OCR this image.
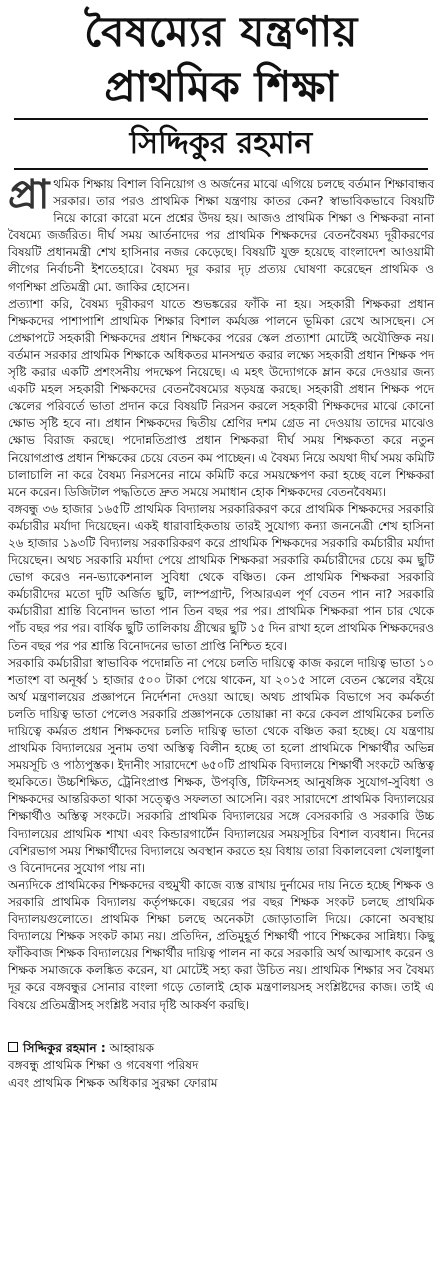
বৈষম্যের যন্ত্রণায়
প্রাথমিক শিক্ষা
সিদ্দিকুর রহমান

প্রা থমিক শিক্ষায় বিশাল বিনিয়োগ ও অর্জনের মাঝে এগিয়ে চলছে বর্তমান শিক্ষাবান্ধব সরকার। তার পরও প্রাথমিক শিক্ষা যন্ত্রণায় কাতর কেন? স্বাভাবিকভাবে বিষয়টি নিয়ে কারো কারো মনে প্রশ্নের উদয় হয়। আজও প্রাথমিক শিক্ষা ও শিক্ষকরা নানা বৈষম্যে জর্জরিত। দীর্ঘ সময় আর্তনাদের পর প্রাথমিক শিক্ষকদের বেতনবৈষম্য দূরীকরণের বিষয়টি প্রধানমন্ত্রী শেখ হাসিনার নজর কেড়েছে। বিষয়টি যুক্ত হয়েছে বাংলাদেশ আওয়ামী লীগের নির্বাচনী ইশতেহারে। বৈষম্য দূর করার দৃঢ় প্রত্যয় ঘোষণা করেছেন প্রাথমিক ও গণশিক্ষা প্রতিমন্ত্রী মো. জাকির হোসেন।

প্রত্যাশা করি, বৈষম্য দূরীকরণ যাতে শুভঙ্করের ফাঁকি না হয়। সহকারী শিক্ষকরা প্রধান শিক্ষকদের পাশাপাশি প্রাথমিক শিক্ষার বিশাল কর্মযজ্ঞ পালনে ভূমিকা রেখে আসছেন। সে প্রেক্ষাপটে সহকারী শিক্ষকদের প্রধান শিক্ষকের পরের স্কেল প্রত্যাশা মোটেই অযৌক্তিক নয়। বর্তমান সরকার প্রাথমিক শিক্ষাকে অধিকতর মানসম্মত করার লক্ষ্যে সহকারী প্রধান শিক্ষক পদ সৃষ্টি করার একটি প্রশংসনীয় পদক্ষেপ নিয়েছে। এ মহৎ উদ্যোগকে ম্লান করে দেওয়ার জন্য একটি মহল সহকারী শিক্ষকদের বেতনবৈষম্যের ষড়যন্ত্র করছে। সহকারী প্রধান শিক্ষক পদে স্কেলের পরিবর্তে ভাতা প্রদান করে বিষয়টি নিরসন করলে সহকারী শিক্ষকদের মাঝে কোনো ক্ষোভ সৃষ্টি হবে না। প্রধান শিক্ষকদের দ্বিতীয় শ্রেণির দশম গ্রেড না দেওয়ায় তাদের মাঝেও ক্ষোভ বিরাজ করছে। পদোন্নতিপ্রাপ্ত প্রধান শিক্ষকরা দীর্ঘ সময় শিক্ষকতা করে নতুন নিয়োগপ্রাপ্ত প্রধান শিক্ষকের চেয়ে বেতন কম পাচ্ছেন। এ বৈষম্য নিয়ে অযথা দীর্ঘ সময় কমিটি চালাচালি না করে বৈষম্য নিরসনের নামে কমিটি করে সময়ক্ষেপণ করা হচ্ছে বলে শিক্ষকরা মনে করেন। ডিজিটাল পদ্ধতিতে দ্রুত সময়ে সমাধান হোক শিক্ষকদের বেতনবৈষম্য।

বঙ্গবন্ধু ৩৬ হাজার ১৬৫টি প্রাথমিক বিদ্যালয় সরকারিকরণ করে প্রাথমিক শিক্ষকদের সরকারি কর্মচারীর মর্যাদা দিয়েছেন। একই ধারাবাহিকতায় তারই সুযোগ্য কন্যা জননেত্রী শেখ হাসিনা ২৬ হাজার ১৯৩টি বিদ্যালয় সরকারিকরণ করে প্রাথমিক শিক্ষকদের সরকারি কর্মচারীর মর্যাদা দিয়েছেন। অথচ সরকারি মর্যাদা পেয়ে প্রাথমিক শিক্ষকরা সরকারি কর্মচারীদের চেয়ে কম ছুটি ভোগ করেও নন-ভ্যাকেশনাল সুবিধা থেকে বঞ্চিত। কেন প্রাথমিক শিক্ষকরা সরকারি কর্মচারীদের মতো দুটি অর্জিত ছুটি, লাম্পগ্রান্ট, পিআরএল পূর্ণ বেতন পান না? সরকারি কর্মচারীরা শ্রান্তি বিনোদন ভাতা পান তিন বছর পর পর। প্রাথমিক শিক্ষকরা পান চার থেকে পাঁচ বছর পর পর। বার্ষিক ছুটি তালিকায় গ্রীষ্মের ছুটি ১৫ দিন রাখা হলে প্রাথমিক শিক্ষকদেরও তিন বছর পর পর শ্রান্তি বিনোদনের ভাতা প্রাপ্তি নিশ্চিত হবে।

সরকারি কর্মচারীরা স্বাভাবিক পদোন্নতি না পেয়ে চলতি দায়িত্বে কাজ করলে দায়িত্ব ভাতা ১০ শতাংশ বা অনূর্ধ্ব ১ হাজার ৫০০ টাকা পেয়ে থাকেন, যা ২০১৫ সালে বেতন স্কেলের বইয়ে অর্থ মন্ত্রণালয়ের প্রজ্ঞাপনে নির্দেশনা দেওয়া আছে। অথচ প্রাথমিক বিভাগে সব কর্মকর্তা চলতি দায়িত্ব ভাতা পেলেও সরকারি প্রজ্ঞাপনকে তোয়াক্কা না করে কেবল প্রাথমিকের চলতি দায়িত্বে কর্মরত প্রধান শিক্ষকদের চলতি দায়িত্ব ভাতা থেকে বঞ্চিত করা হচ্ছে। যে যন্ত্রণায় প্রাথমিক বিদ্যালয়ের সুনাম তথা অস্তিত্ব বিলীন হচ্ছে তা হলো প্রাথমিকে শিক্ষার্থীর অভিন্ন সময়সূচি ও পাঠ্যপুস্তক। ইদানীং সারাদেশে ৬৫০টি প্রাথমিক বিদ্যালয়ে শিক্ষার্থী সংকটে অস্তিত্ব হুমকিতে। উচ্চশিক্ষিত, ট্রেনিংপ্রাপ্ত শিক্ষক, উপবৃত্তি, টিফিনসহ আনুষঙ্গিক সুযোগ-সুবিধা ও শিক্ষকদের আন্তরিকতা থাকা সত্ত্বেও সফলতা আসেনি। বরং সারাদেশে প্রাথমিক বিদ্যালয়ের শিক্ষার্থীও অস্তিত্ব সংকটে। সরকারি প্রাথমিক বিদ্যালয়ের সঙ্গে বেসরকারি ও সরকারি উচ্চ বিদ্যালয়ের প্রাথমিক শাখা এবং কিন্ডারগার্টেন বিদ্যালয়ের সময়সূচির বিশাল ব্যবধান। দিনের বেশিরভাগ সময় শিক্ষার্থীদের বিদ্যালয়ে অবস্থান করতে হয় বিধায় তারা বিকালবেলা খেলাধুলা ও বিনোদনের সুযোগ পায় না।

অন্যদিকে প্রাথমিকের শিক্ষকদের বহুমুখী কাজে ব্যস্ত রাখায় দুর্নামের দায় নিতে হচ্ছে শিক্ষক ও সরকারি প্রাথমিক বিদ্যালয় কর্তৃপক্ষকে। বছরের পর বছর শিক্ষক সংকট চলছে প্রাথমিক বিদ্যালয়গুলোতে। প্রাথমিক শিক্ষা চলছে অনেকটা জোড়াতালি দিয়ে। কোনো অবস্থায় বিদ্যালয়ে শিক্ষক সংকট কাম্য নয়। প্রতিদিন, প্রতিমুহূর্ত শিক্ষার্থী পাবে শিক্ষকের সান্নিধ্য। কিছু ফাঁকিবাজ শিক্ষক বিদ্যালয়ের শিক্ষার্থীর দায়িত্ব পালন না করে সরকারি অর্থ আত্মসাৎ করেন ও শিক্ষক সমাজকে কলঙ্কিত করেন, যা মোটেই সহ্য করা উচিত নয়। প্রাথমিক শিক্ষার সব বৈষম্য দূর করে বঙ্গবন্ধুর সোনার বাংলা গড়ে তোলাই হোক মন্ত্রণালয়সহ সংশ্লিষ্টদের কাজ। তাই এ বিষয়ে প্রতিমন্ত্রীসহ সংশ্লিষ্ট সবার দৃষ্টি আকর্ষণ করছি।

সিদ্দিকুর রহমান : আহ্বায়ক
বঙ্গবন্ধু প্রাথমিক শিক্ষা ও গবেষণা পরিষদ
এবং প্রাথমিক শিক্ষক অধিকার সুরক্ষা ফোরাম
